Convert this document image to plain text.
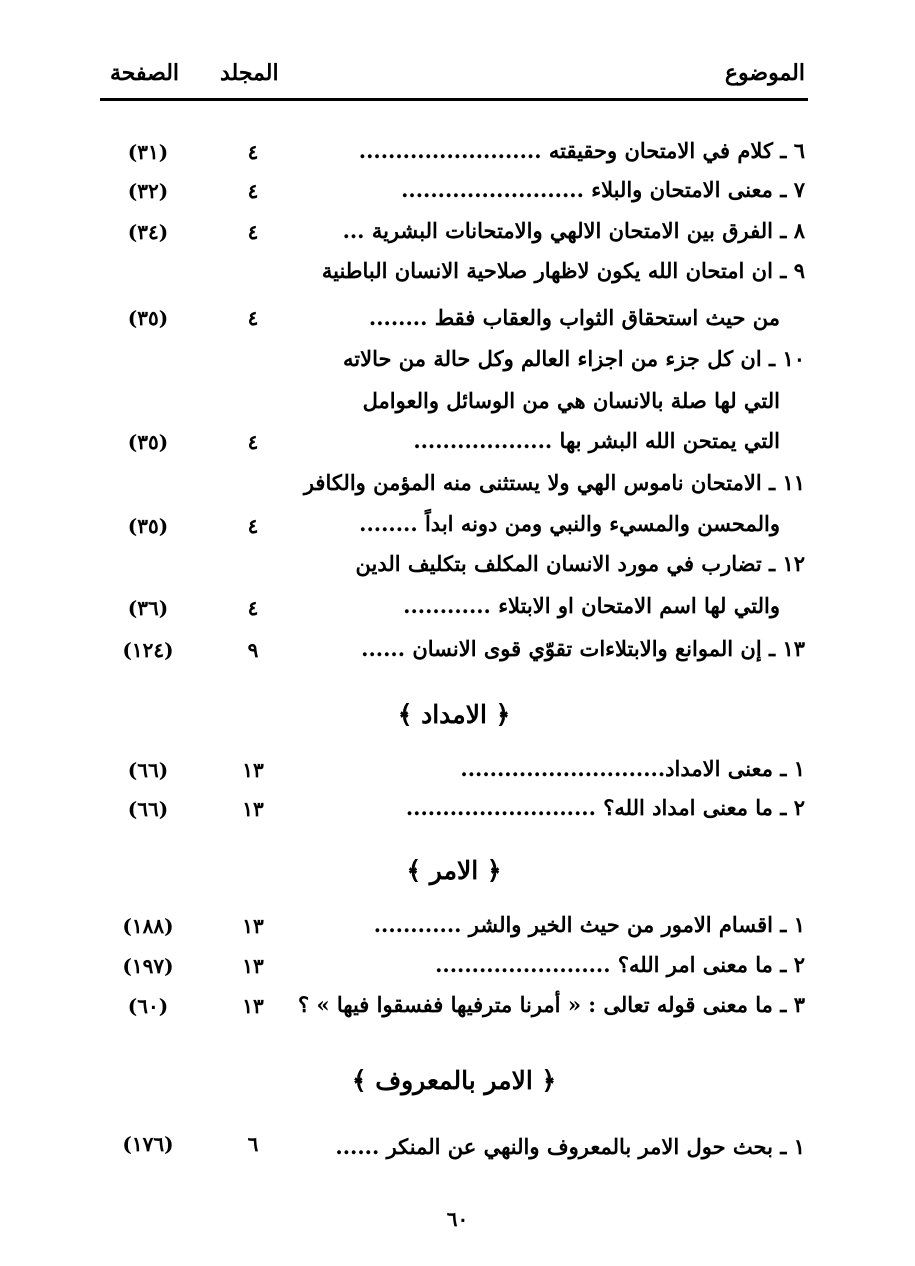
الموضوع
المجلد
الصفحة
٦ ـ كلام في الامتحان وحقيقته .........................
٤
(٣١)
٧ ـ معنى الامتحان والبلاء .........................
٤
(٣٢)
٨ ـ الفرق بين الامتحان الالهي والامتحانات البشرية ...
٤
(٣٤)
٩ ـ ان امتحان الله يكون لاظهار صلاحية الانسان الباطنية
من حيث استحقاق الثواب والعقاب فقط ........
٤
(٣٥)
١٠ ـ ان كل جزء من اجزاء العالم وكل حالة من حالاته
التي لها صلة بالانسان هي من الوسائل والعوامل
التي يمتحن الله البشر بها ...................
٤
(٣٥)
١١ ـ الامتحان ناموس الهي ولا يستثنى منه المؤمن والكافر
والمحسن والمسيء والنبي ومن دونه ابداً ........
٤
(٣٥)
١٢ ـ تضارب في مورد الانسان المكلف بتكليف الدين
والتي لها اسم الامتحان او الابتلاء ............
٤
(٣٦)
١٣ ـ إن الموانع والابتلاءات تقوّي قوى الانسان ......
٩
(١٢٤)
﴿ الامداد ﴾
١ ـ معنى الامداد............................
١٣
(٦٦)
٢ ـ ما معنى امداد الله؟ ..........................
١٣
(٦٦)
﴿ الامر ﴾
١ ـ اقسام الامور من حيث الخير والشر ............
١٣
(١٨٨)
٢ ـ ما معنى امر الله؟ ........................
١٣
(١٩٧)
٣ ـ ما معنى قوله تعالى : « أمرنا مترفيها ففسقوا فيها » ؟
١٣
(٦٠)
﴿ الامر بالمعروف ﴾
١ ـ بحث حول الامر بالمعروف والنهي عن المنكر ......
٦
(١٧٦)
٦٠
